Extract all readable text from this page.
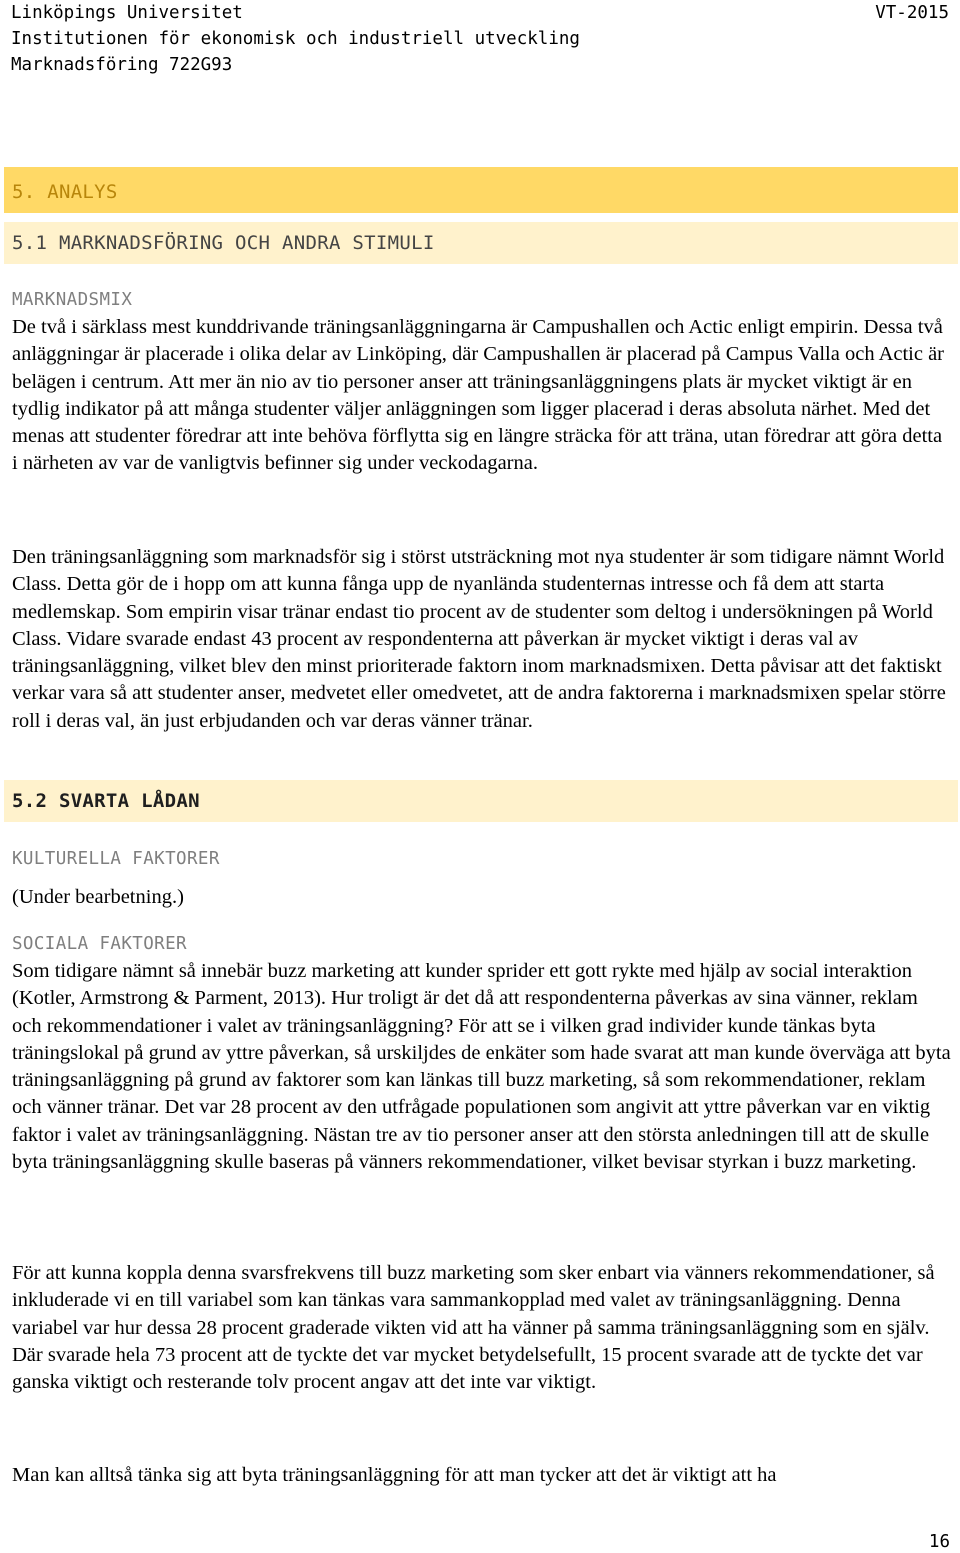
Linköpings Universitet
Institutionen för ekonomisk och industriell utveckling
Marknadsföring 722G93
VT-2015
5. ANALYS
5.1 MARKNADSFÖRING OCH ANDRA STIMULI
MARKNADSMIX

De två i särklass mest kunddrivande träningsanläggningarna är Campushallen och Actic enligt empirin. Dessa två anläggningar är placerade i olika delar av Linköping, där Campushallen är placerad på Campus Valla och Actic är belägen i centrum. Att mer än nio av tio personer anser att träningsanläggningens plats är mycket viktigt är en tydlig indikator på att många studenter väljer anläggningen som ligger placerad i deras absoluta närhet. Med det menas att studenter föredrar att inte behöva förflytta sig en längre sträcka för att träna, utan föredrar att göra detta i närheten av var de vanligtvis befinner sig under veckodagarna.

Den träningsanläggning som marknadsför sig i störst utsträckning mot nya studenter är som tidigare nämnt World Class. Detta gör de i hopp om att kunna fånga upp de nyanlända studenternas intresse och få dem att starta medlemskap. Som empirin visar tränar endast tio procent av de studenter som deltog i undersökningen på World Class. Vidare svarade endast 43 procent av respondenterna att påverkan är mycket viktigt i deras val av träningsanläggning, vilket blev den minst prioriterade faktorn inom marknadsmixen. Detta påvisar att det faktiskt verkar vara så att studenter anser, medvetet eller omedvetet, att de andra faktorerna i marknadsmixen spelar större roll i deras val, än just erbjudanden och var deras vänner tränar.

5.2 SVARTA LÅDAN
KULTURELLA FAKTORER

(Under bearbetning.)

SOCIALA FAKTORER

Som tidigare nämnt så innebär buzz marketing att kunder sprider ett gott rykte med hjälp av social interaktion (Kotler, Armstrong & Parment, 2013). Hur troligt är det då att respondenterna påverkas av sina vänner, reklam och rekommendationer i valet av träningsanläggning? För att se i vilken grad individer kunde tänkas byta träningslokal på grund av yttre påverkan, så urskiljdes de enkäter som hade svarat att man kunde överväga att byta träningsanläggning på grund av faktorer som kan länkas till buzz marketing, så som rekommendationer, reklam och vänner tränar. Det var 28 procent av den utfrågade populationen som angivit att yttre påverkan var en viktig faktor i valet av träningsanläggning. Nästan tre av tio personer anser att den största anledningen till att de skulle byta träningsanläggning skulle baseras på vänners rekommendationer, vilket bevisar styrkan i buzz marketing.

För att kunna koppla denna svarsfrekvens till buzz marketing som sker enbart via vänners rekommendationer, så inkluderade vi en till variabel som kan tänkas vara sammankopplad med valet av träningsanläggning. Denna variabel var hur dessa 28 procent graderade vikten vid att ha vänner på samma träningsanläggning som en själv. Där svarade hela 73 procent att de tyckte det var mycket betydelsefullt, 15 procent svarade att de tyckte det var ganska viktigt och resterande tolv procent angav att det inte var viktigt.

Man kan alltså tänka sig att byta träningsanläggning för att man tycker att det är viktigt att ha

16
